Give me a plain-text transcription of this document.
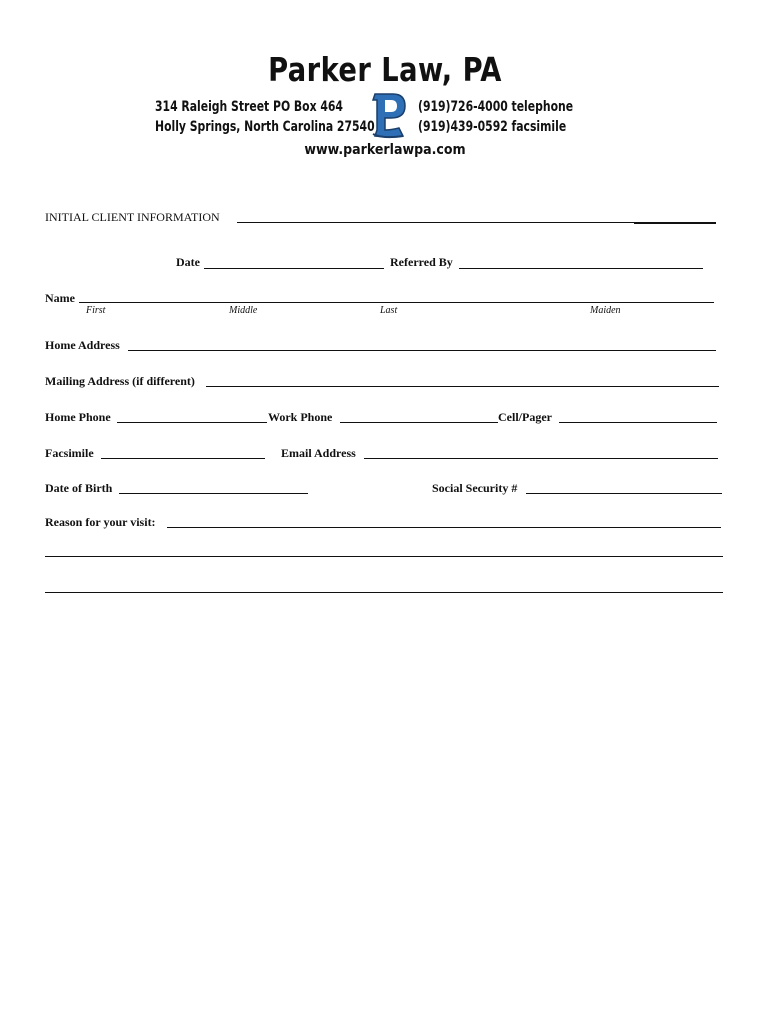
Parker Law, PA
314 Raleigh Street PO Box 464
Holly Springs, North Carolina 27540
(919)726-4000 telephone
(919)439-0592 facsimile
www.parkerlawpa.com
INITIAL CLIENT INFORMATION
Date	Referred By
Name
First	Middle	Last	Maiden
Home Address
Mailing Address (if different)
Home Phone	Work Phone	Cell/Pager
Facsimile	Email Address
Date of Birth	Social Security #
Reason for your visit:
